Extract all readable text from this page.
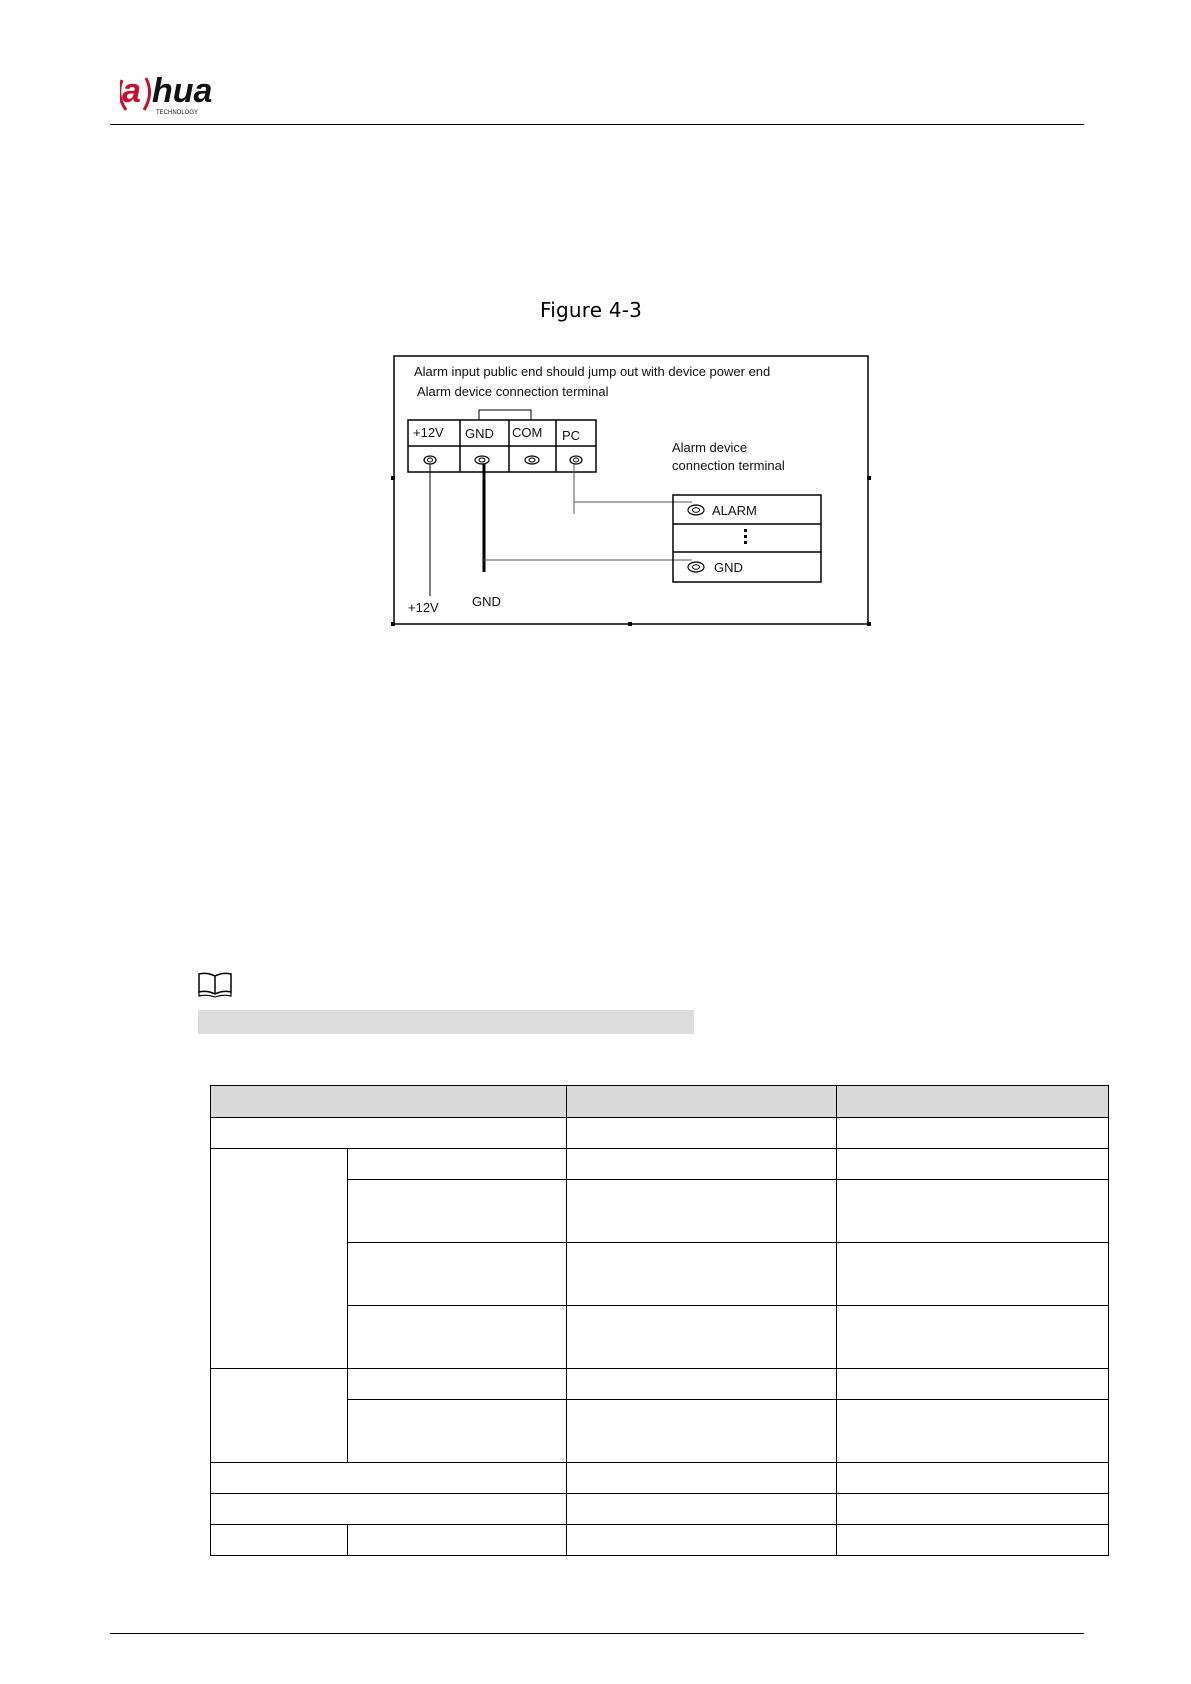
a hua
TECHNOLOGY
Figure 4-3
Alarm input public end should jump out with device power end
Alarm device connection terminal
+12V GND COM PC
Alarm device
connection terminal
ALARM
GND
+12V	GND
